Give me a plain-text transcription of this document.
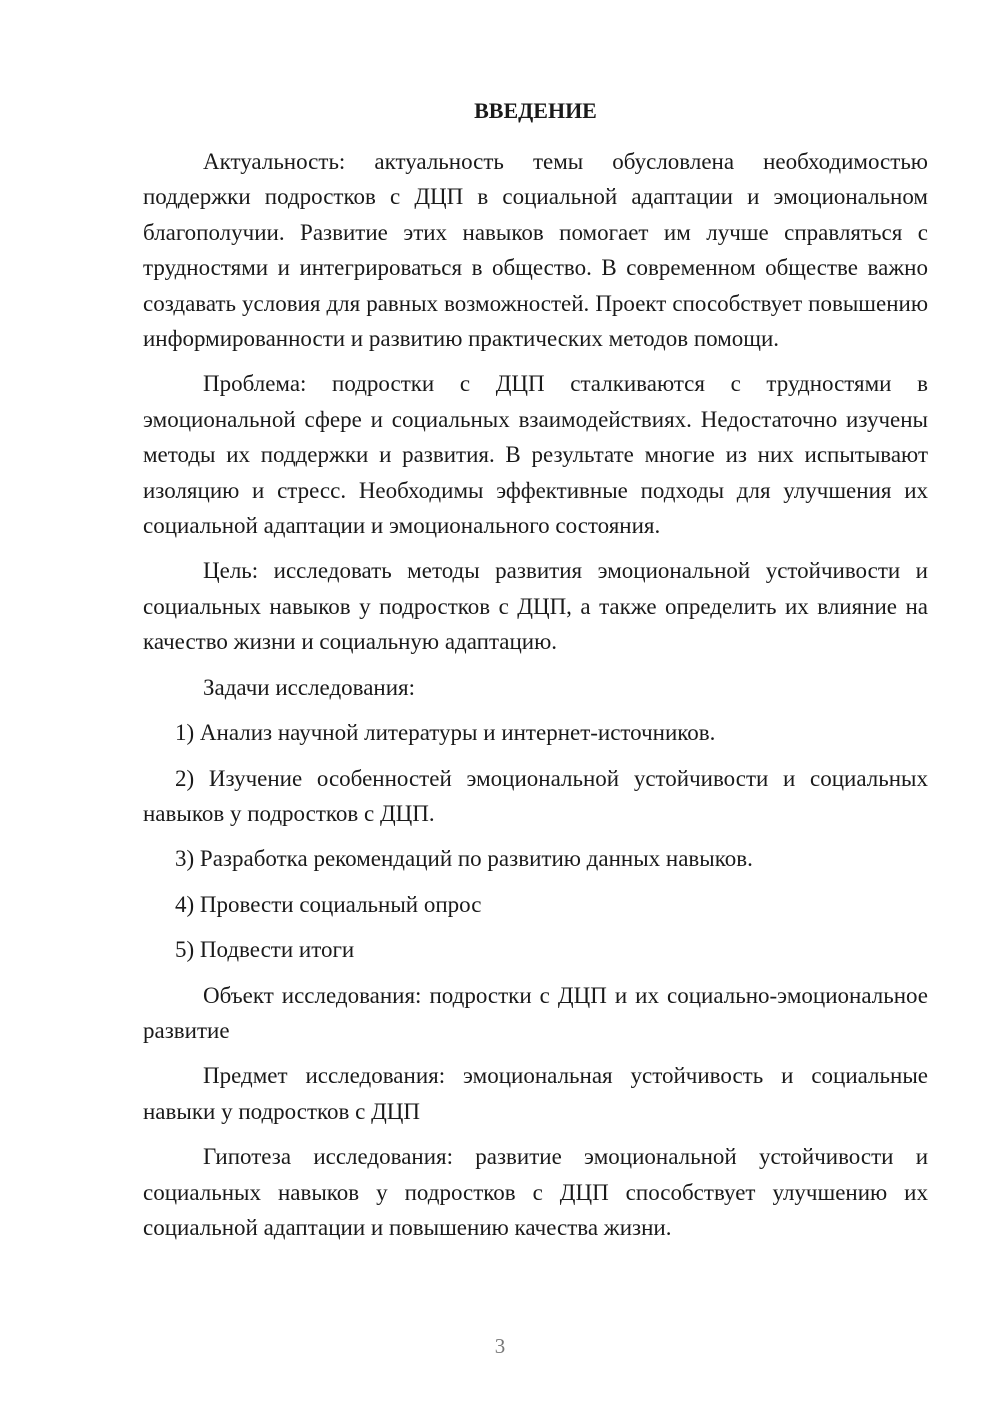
ВВЕДЕНИЕ

Актуальность: актуальность темы обусловлена необходимостью поддержки подростков с ДЦП в социальной адаптации и эмоциональном благополучии. Развитие этих навыков помогает им лучше справляться с трудностями и интегрироваться в общество. В современном обществе важно создавать условия для равных возможностей. Проект способствует повышению информированности и развитию практических методов помощи.

Проблема: подростки с ДЦП сталкиваются с трудностями в эмоциональной сфере и социальных взаимодействиях. Недостаточно изучены методы их поддержки и развития. В результате многие из них испытывают изоляцию и стресс. Необходимы эффективные подходы для улучшения их социальной адаптации и эмоционального состояния.

Цель: исследовать методы развития эмоциональной устойчивости и социальных навыков у подростков с ДЦП, а также определить их влияние на качество жизни и социальную адаптацию.

Задачи исследования:

1) Анализ научной литературы и интернет-источников.

2) Изучение особенностей эмоциональной устойчивости и социальных навыков у подростков с ДЦП.

3) Разработка рекомендаций по развитию данных навыков.

4) Провести социальный опрос

5) Подвести итоги

Объект исследования: подростки с ДЦП и их социально-эмоциональное развитие

Предмет исследования: эмоциональная устойчивость и социальные навыки у подростков с ДЦП

Гипотеза исследования: развитие эмоциональной устойчивости и социальных навыков у подростков с ДЦП способствует улучшению их социальной адаптации и повышению качества жизни.

3
